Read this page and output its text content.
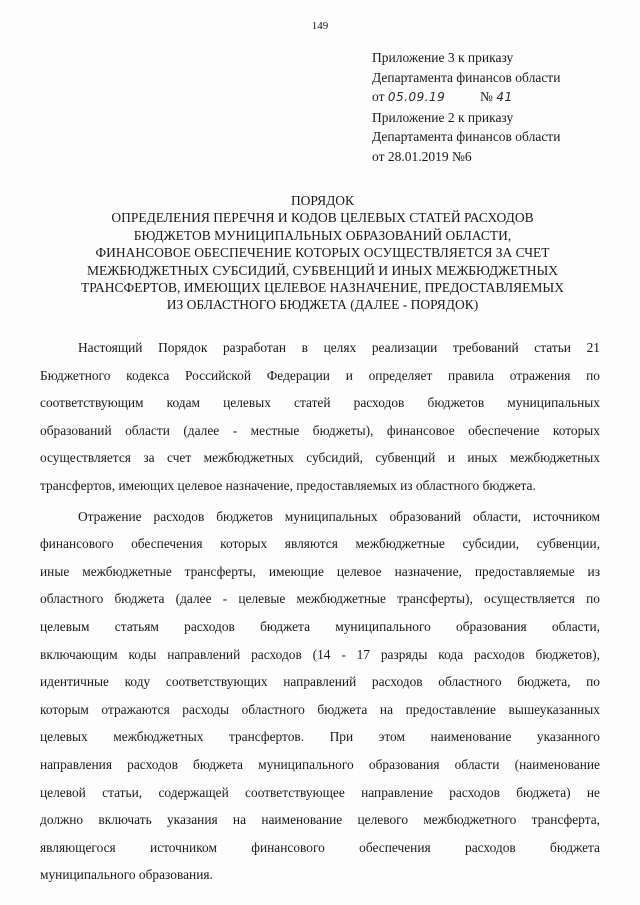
149
Приложение 3 к приказу
Департамента финансов области
от 05.09.19	№ 41
Приложение 2 к приказу
Департамента финансов области
от 28.01.2019 №6
ПОРЯДОК
ОПРЕДЕЛЕНИЯ ПЕРЕЧНЯ И КОДОВ ЦЕЛЕВЫХ СТАТЕЙ РАСХОДОВ
БЮДЖЕТОВ МУНИЦИПАЛЬНЫХ ОБРАЗОВАНИЙ ОБЛАСТИ,
ФИНАНСОВОЕ ОБЕСПЕЧЕНИЕ КОТОРЫХ ОСУЩЕСТВЛЯЕТСЯ ЗА СЧЕТ
МЕЖБЮДЖЕТНЫХ СУБСИДИЙ, СУБВЕНЦИЙ И ИНЫХ МЕЖБЮДЖЕТНЫХ
ТРАНСФЕРТОВ, ИМЕЮЩИХ ЦЕЛЕВОЕ НАЗНАЧЕНИЕ, ПРЕДОСТАВЛЯЕМЫХ
ИЗ ОБЛАСТНОГО БЮДЖЕТА (ДАЛЕЕ - ПОРЯДОК)
Настоящий Порядок разработан в целях реализации требований статьи 21
Бюджетного кодекса Российской Федерации и определяет правила отражения по
соответствующим кодам целевых статей расходов бюджетов муниципальных
образований области (далее - местные бюджеты), финансовое обеспечение которых
осуществляется за счет межбюджетных субсидий, субвенций и иных межбюджетных
трансфертов, имеющих целевое назначение, предоставляемых из областного бюджета.
Отражение расходов бюджетов муниципальных образований области, источником
финансового обеспечения которых являются межбюджетные субсидии, субвенции,
иные межбюджетные трансферты, имеющие целевое назначение, предоставляемые из
областного бюджета (далее - целевые межбюджетные трансферты), осуществляется по
целевым статьям расходов бюджета муниципального образования области,
включающим коды направлений расходов (14 - 17 разряды кода расходов бюджетов),
идентичные коду соответствующих направлений расходов областного бюджета, по
которым отражаются расходы областного бюджета на предоставление вышеуказанных
целевых межбюджетных трансфертов. При этом наименование указанного
направления расходов бюджета муниципального образования области (наименование
целевой статьи, содержащей соответствующее направление расходов бюджета) не
должно включать указания на наименование целевого межбюджетного трансферта,
являющегося источником финансового обеспечения расходов бюджета
муниципального образования.
